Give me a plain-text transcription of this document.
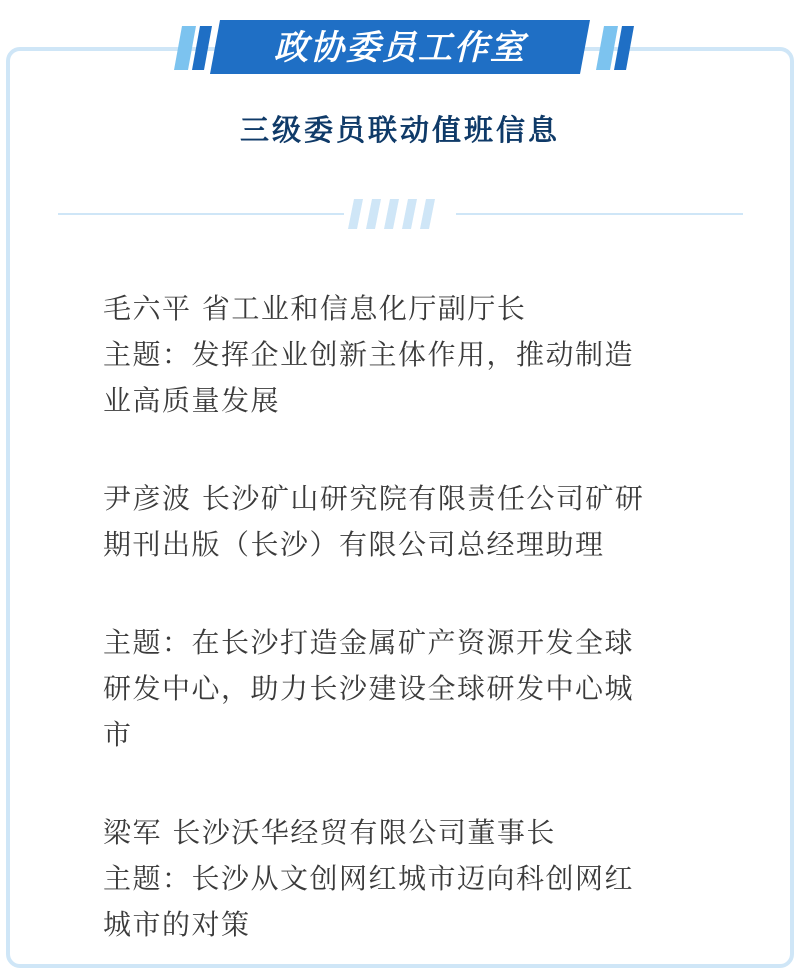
政协委员工作室
三级委员联动值班信息

毛六平 省工业和信息化厅副厅长

主题：发挥企业创新主体作用，推动制造

业高质量发展

尹彦波 长沙矿山研究院有限责任公司矿研

期刊出版（长沙）有限公司总经理助理

主题：在长沙打造金属矿产资源开发全球

研发中心，助力长沙建设全球研发中心城

市

梁军 长沙沃华经贸有限公司董事长

主题：长沙从文创网红城市迈向科创网红

城市的对策
